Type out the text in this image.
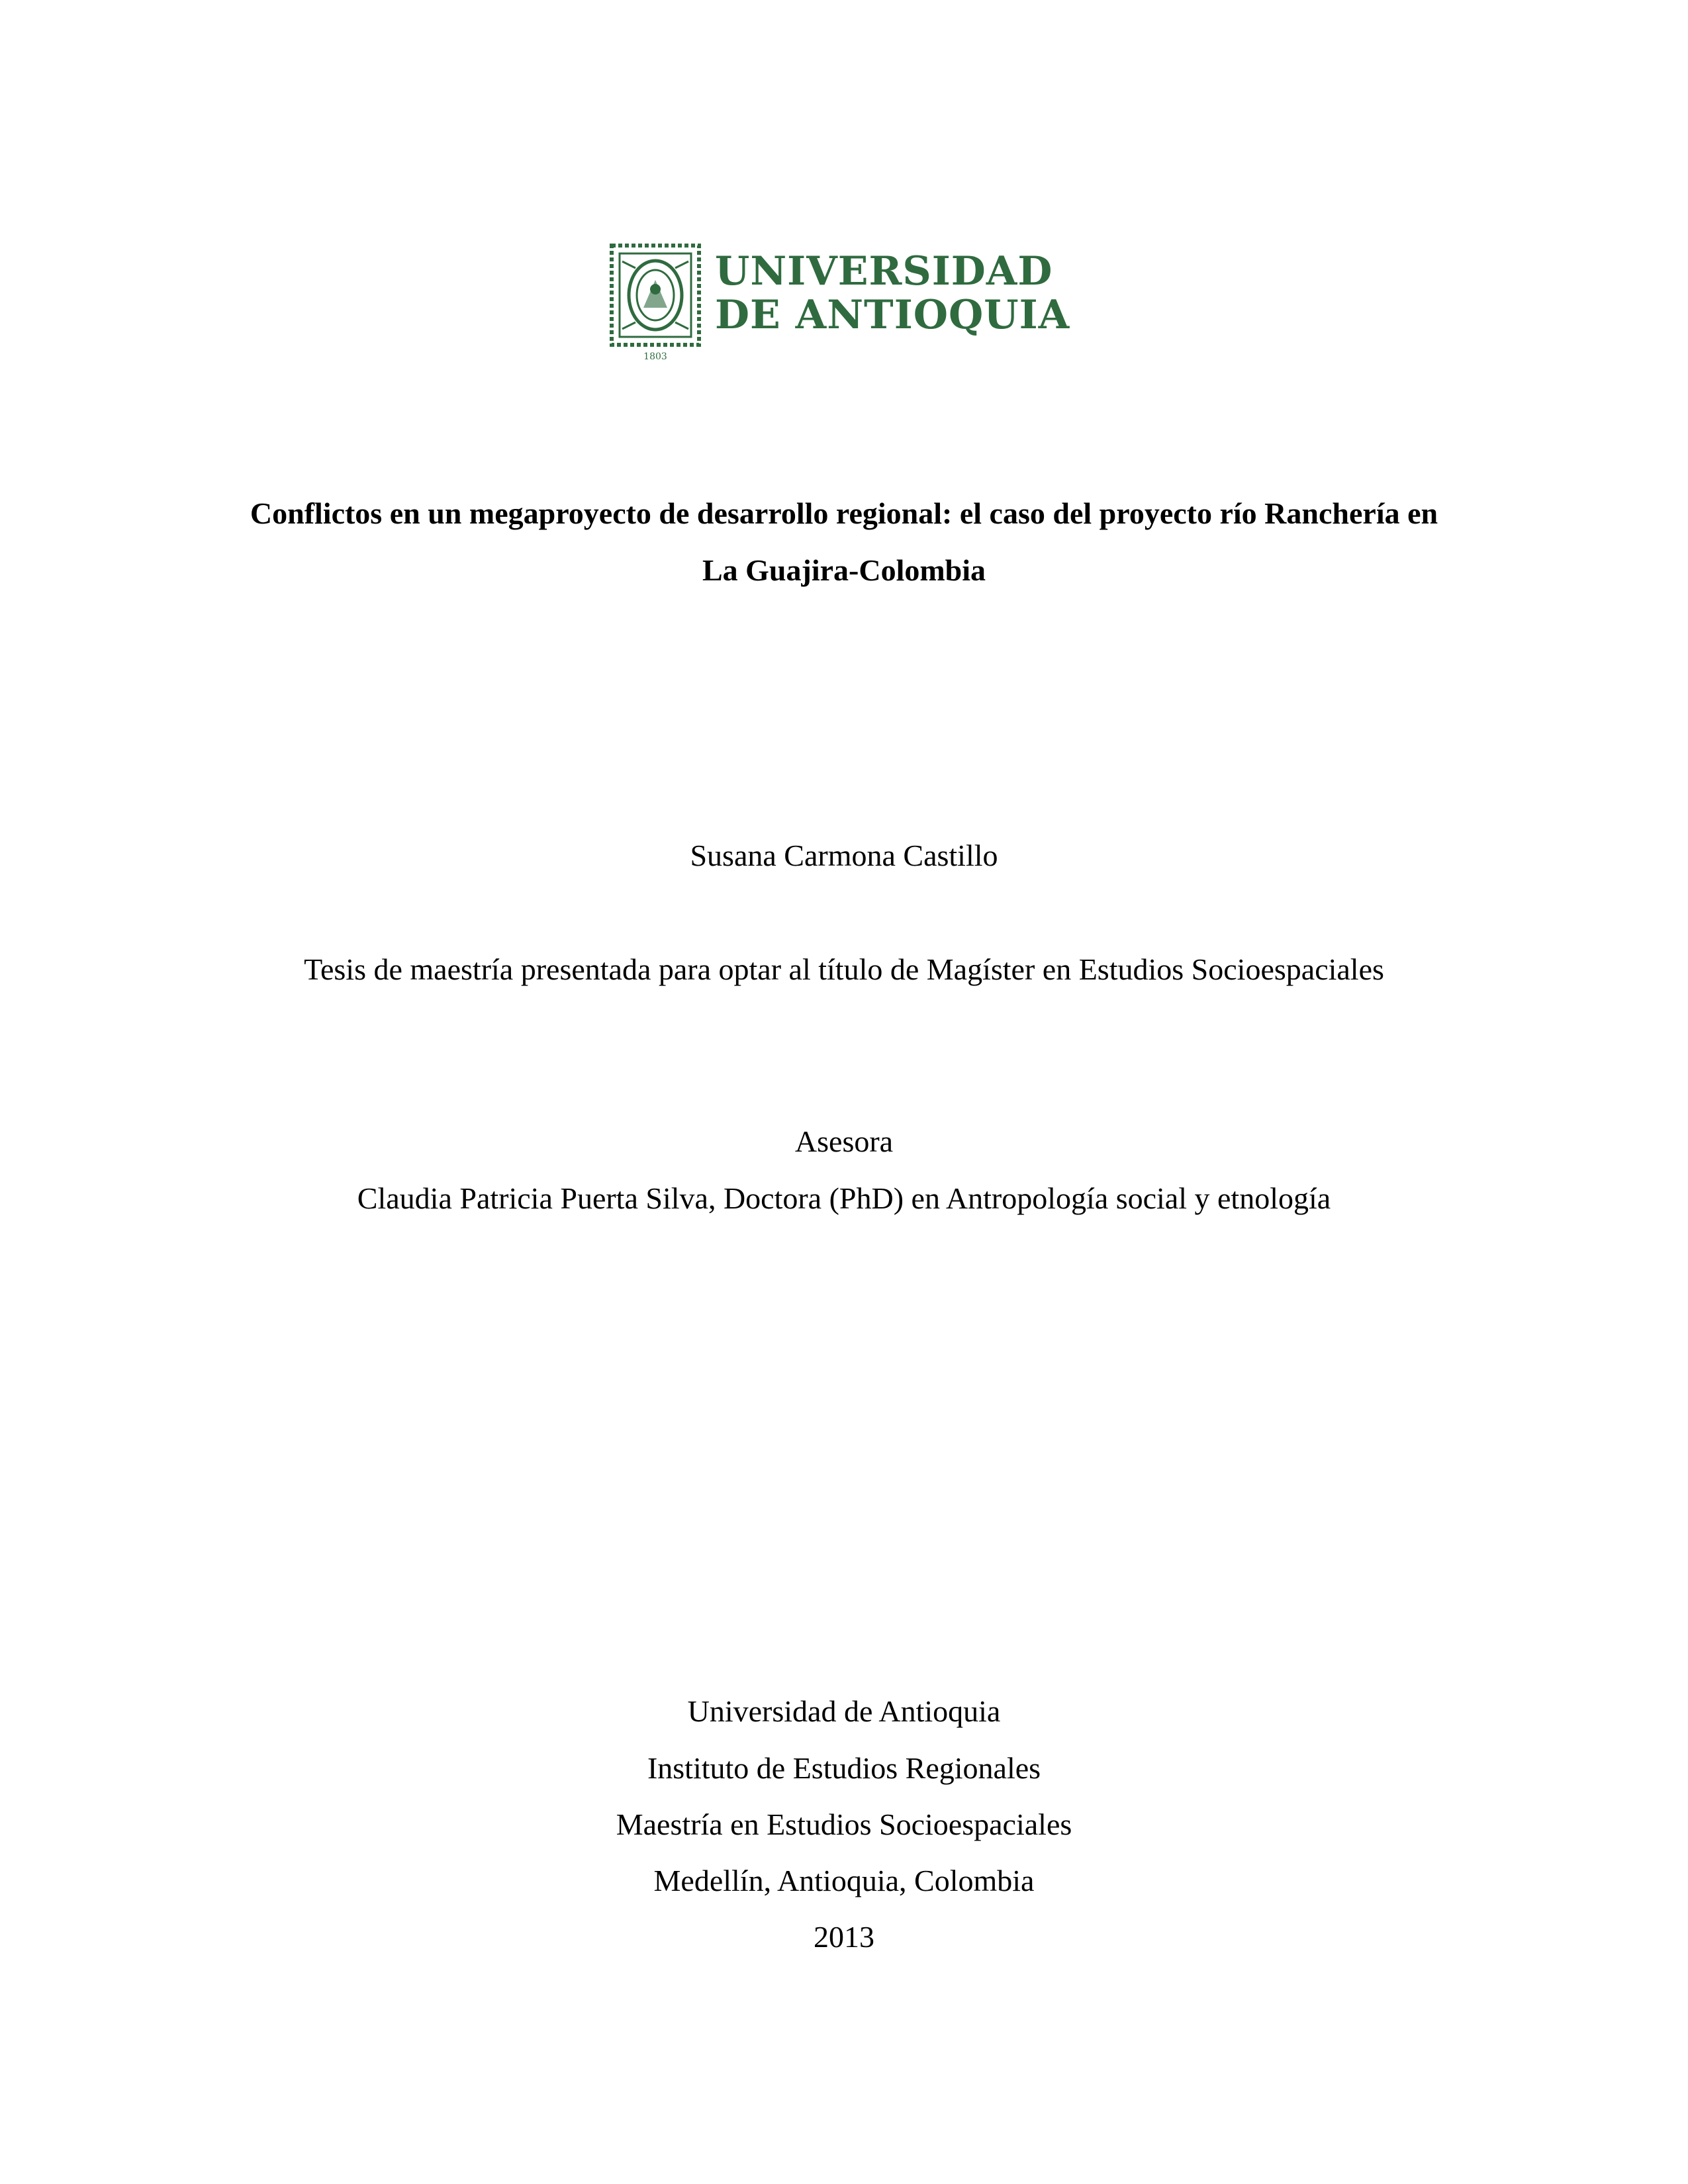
1803
UNIVERSIDAD
DE ANTIOQUIA
Conflictos en un megaproyecto de desarrollo regional: el caso del proyecto río Ranchería en
La Guajira-Colombia
Susana Carmona Castillo
Tesis de maestría presentada para optar al título de Magíster en Estudios Socioespaciales
Asesora
Claudia Patricia Puerta Silva, Doctora (PhD) en Antropología social y etnología
Universidad de Antioquia
Instituto de Estudios Regionales
Maestría en Estudios Socioespaciales
Medellín, Antioquia, Colombia
2013
